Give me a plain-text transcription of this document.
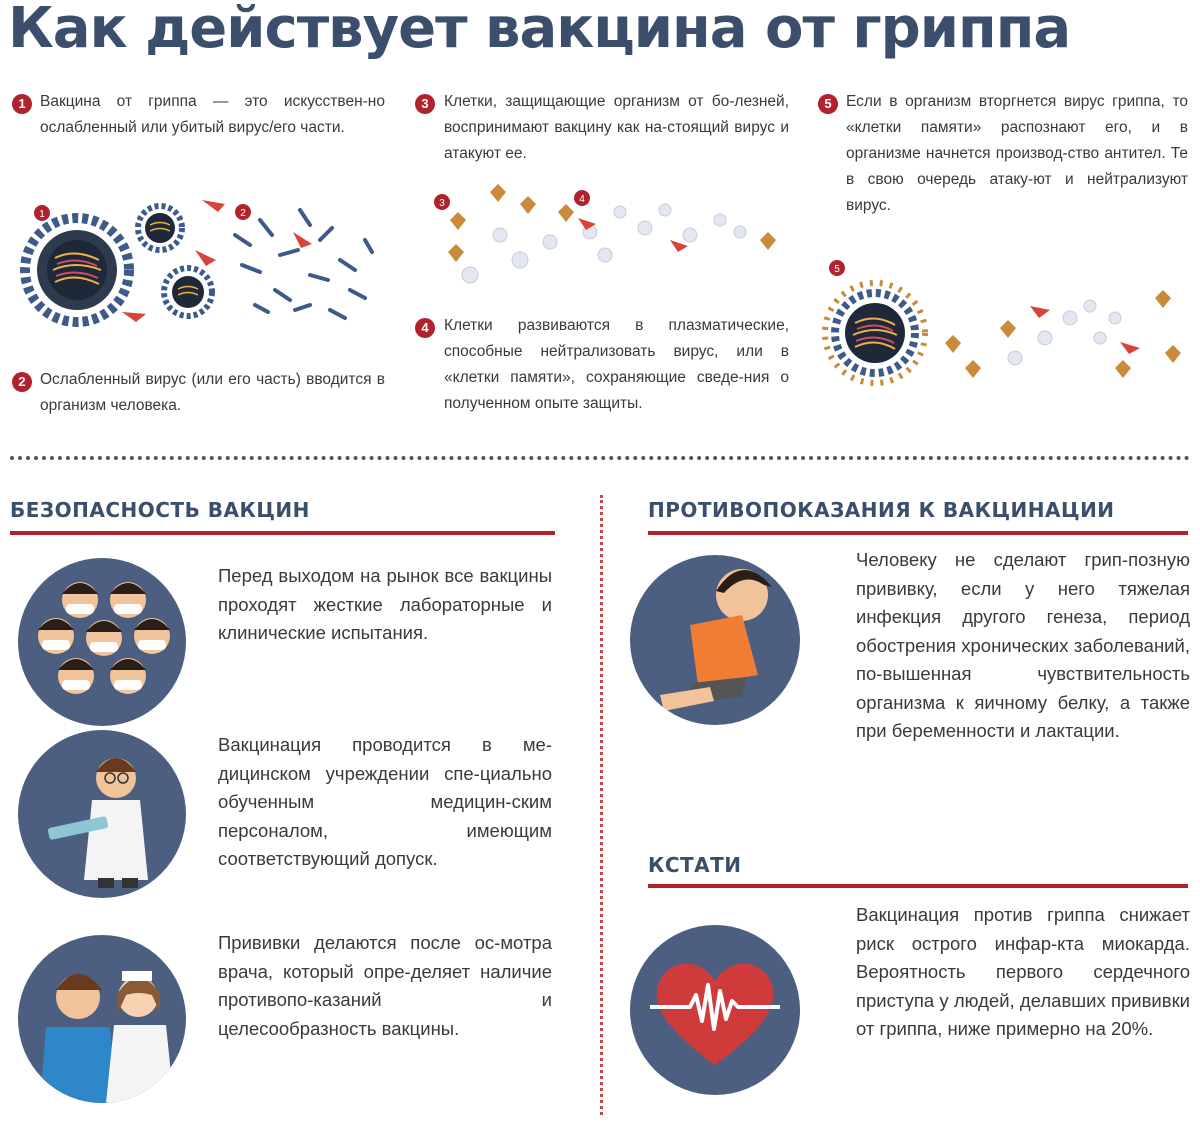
Как действует вакцина от гриппа
1 Вакцина от гриппа — это искусствен-но ослабленный или убитый вирус/его части.
1	2
2 Ослабленный вирус (или его часть) вводится в организм человека.
3 Клетки, защищающие организм от бо-лезней, воспринимают вакцину как на-стоящий вирус и атакуют ее.
3	4
4 Клетки развиваются в плазматические, способные нейтрализовать вирус, или в «клетки памяти», сохраняющие сведе-ния о полученном опыте защиты.
5 Если в организм вторгнется вирус гриппа, то «клетки памяти» распознают его, и в организме начнется производ-ство антител. Те в свою очередь атаку-ют и нейтрализуют вирус.
5
БЕЗОПАСНОСТЬ ВАКЦИН
Перед выходом на рынок все вакцины проходят жесткие лабораторные и клинические испытания.
Вакцинация проводится в ме-дицинском учреждении спе-циально обученным медицин-ским персоналом, имеющим соответствующий допуск.
Прививки делаются после ос-мотра врача, который опре-деляет наличие противопо-казаний и целесообразность вакцины.
ПРОТИВОПОКАЗАНИЯ К ВАКЦИНАЦИИ
Человеку не сделают грип-позную прививку, если у него тяжелая инфекция другого генеза, период обострения хронических заболеваний, по-вышенная чувствительность организма к яичному белку, а также при беременности и лактации.
КСТАТИ
Вакцинация против гриппа снижает риск острого инфар-кта миокарда. Вероятность первого сердечного приступа у людей, делавших прививки от гриппа, ниже примерно на 20%.
